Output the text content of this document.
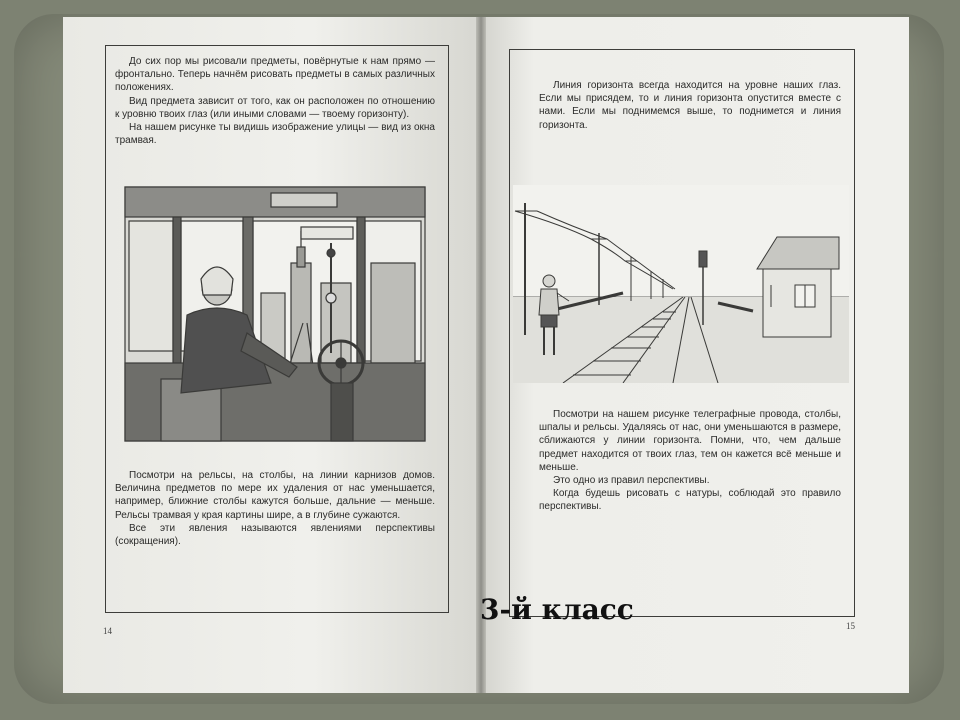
До сих пор мы рисовали предметы, повёрнутые к нам прямо — фронтально. Теперь начнём рисовать предметы в самых различных положениях.

Вид предмета зависит от того, как он расположен по отношению к уровню твоих глаз (или иными словами — твоему горизонту).

На нашем рисунке ты видишь изображение улицы — вид из окна трамвая.

Посмотри на рельсы, на столбы, на линии карнизов домов. Величина предметов по мере их удаления от нас уменьшается, например, ближние столбы кажутся больше, дальние — меньше. Рельсы трамвая у края картины шире, а в глубине сужаются.

Все эти явления называются явлениями перспективы (сокращения).

14

Линия горизонта всегда находится на уровне наших глаз. Если мы присядем, то и линия горизонта опустится вместе с нами. Если мы поднимемся выше, то поднимется и линия горизонта.

Посмотри на нашем рисунке телеграфные провода, столбы, шпалы и рельсы. Удаляясь от нас, они уменьшаются в размере, сближаются у линии горизонта. Помни, что, чем дальше предмет находится от твоих глаз, тем он кажется всё меньше и меньше.

Это одно из правил перспективы.

Когда будешь рисовать с натуры, соблюдай это правило перспективы.

15
3-й класс
